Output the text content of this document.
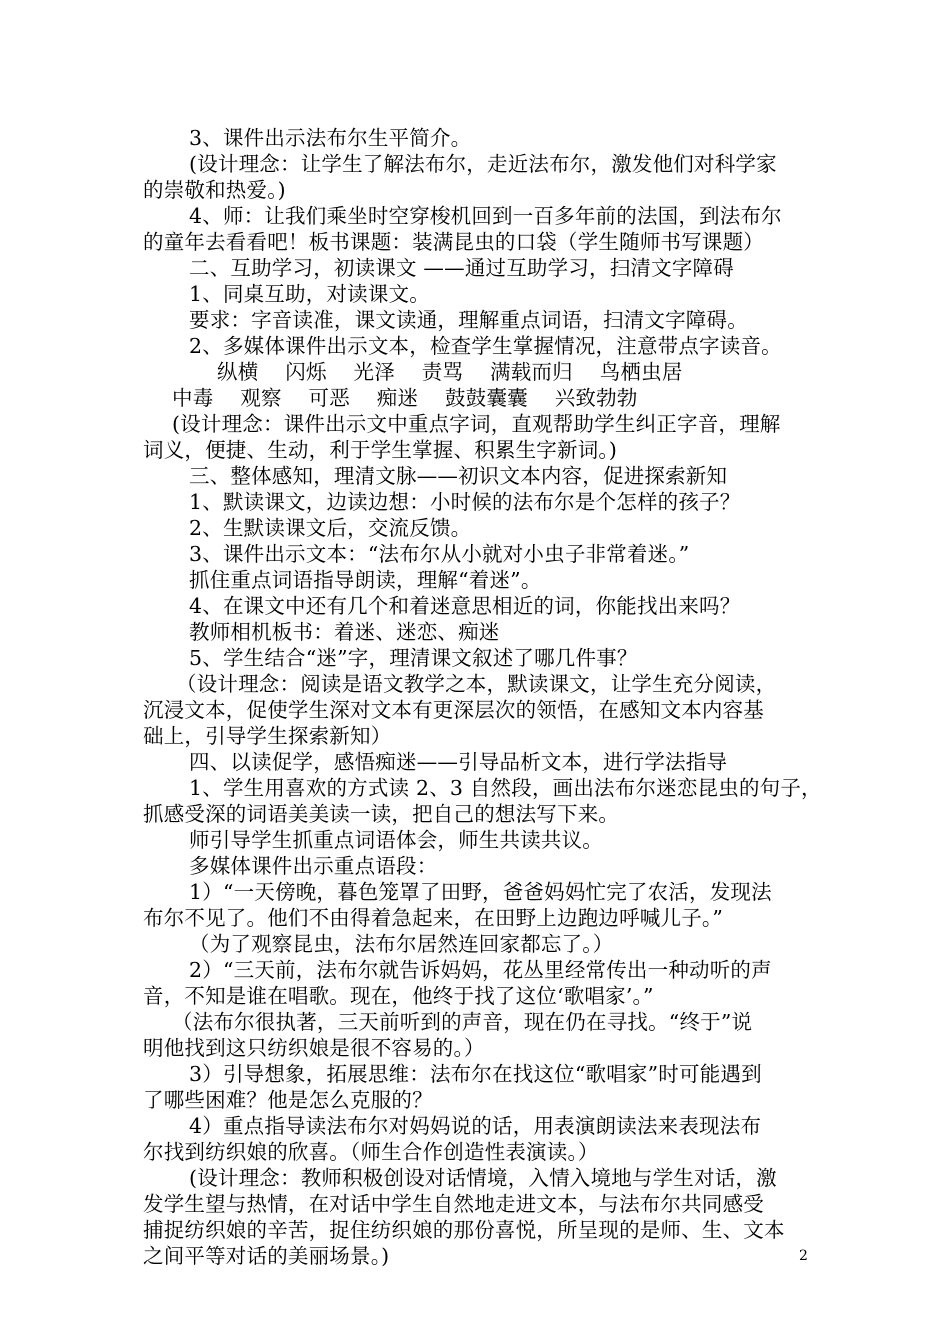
3、课件出示法布尔生平简介。
(设计理念：让学生了解法布尔，走近法布尔，激发他们对科学家
的崇敬和热爱。)
4、师：让我们乘坐时空穿梭机回到一百多年前的法国，到法布尔
的童年去看看吧！板书课题：装满昆虫的口袋（学生随师书写课题）
二、互助学习，初读课文 ——通过互助学习，扫清文字障碍
1、同桌互助，对读课文。
要求：字音读准，课文读通，理解重点词语，扫清文字障碍。
2、多媒体课件出示文本，检查学生掌握情况，注意带点字读音。
纵横    闪烁    光泽    责骂    满载而归    鸟栖虫居
中毒    观察    可恶    痴迷    鼓鼓囊囊    兴致勃勃
(设计理念：课件出示文中重点字词，直观帮助学生纠正字音，理解
词义，便捷、生动，利于学生掌握、积累生字新词。)
三、整体感知，理清文脉——初识文本内容，促进探索新知
1、默读课文，边读边想：小时候的法布尔是个怎样的孩子？
2、生默读课文后，交流反馈。
3、课件出示文本：“法布尔从小就对小虫子非常着迷。”
抓住重点词语指导朗读，理解“着迷”。
4、在课文中还有几个和着迷意思相近的词，你能找出来吗？
教师相机板书：着迷、迷恋、痴迷
5、学生结合“迷”字，理清课文叙述了哪几件事？
（设计理念：阅读是语文教学之本，默读课文，让学生充分阅读，
沉浸文本，促使学生深对文本有更深层次的领悟，在感知文本内容基
础上，引导学生探索新知）
四、以读促学，感悟痴迷——引导品析文本，进行学法指导
1、学生用喜欢的方式读 2、3 自然段，画出法布尔迷恋昆虫的句子，
抓感受深的词语美美读一读，把自己的想法写下来。
师引导学生抓重点词语体会，师生共读共议。
多媒体课件出示重点语段：
1）“一天傍晚，暮色笼罩了田野，爸爸妈妈忙完了农活，发现法
布尔不见了。他们不由得着急起来，在田野上边跑边呼喊儿子。”
（为了观察昆虫，法布尔居然连回家都忘了。）
2）“三天前，法布尔就告诉妈妈，花丛里经常传出一种动听的声
音，不知是谁在唱歌。现在，他终于找了这位‘歌唱家’。”
（法布尔很执著，三天前听到的声音，现在仍在寻找。“终于”说
明他找到这只纺织娘是很不容易的。）
3）引导想象，拓展思维：法布尔在找这位“歌唱家”时可能遇到
了哪些困难？他是怎么克服的？
4）重点指导读法布尔对妈妈说的话，用表演朗读法来表现法布
尔找到纺织娘的欣喜。（师生合作创造性表演读。）
(设计理念：教师积极创设对话情境，入情入境地与学生对话，激
发学生望与热情，在对话中学生自然地走进文本，与法布尔共同感受
捕捉纺织娘的辛苦，捉住纺织娘的那份喜悦，所呈现的是师、生、文本
之间平等对话的美丽场景。)	2
